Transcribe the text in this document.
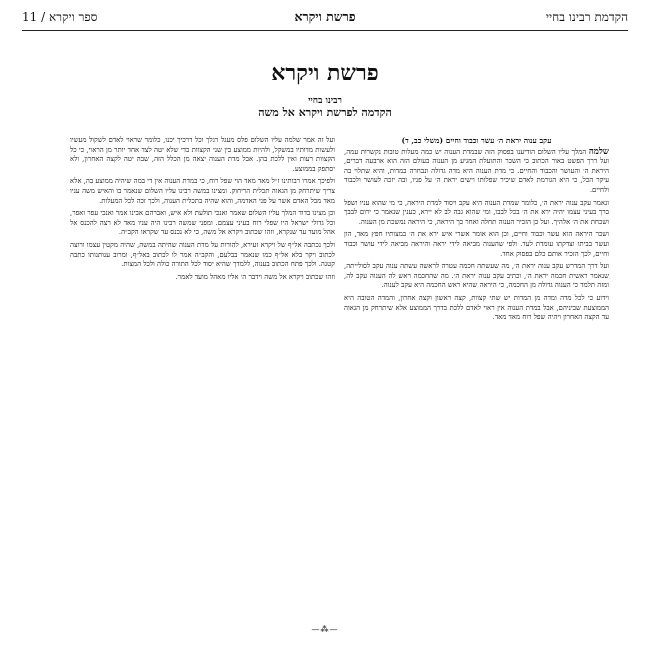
הקדמת רבינו בחיי
פרשת ויקרא
ספר ויקרא / 11
פרשת ויקרא
רבינו בחיי
הקדמה לפרשת ויקרא אל משה
עקב ענוה יראת ה׳ עשר וכבוד וחיים (משלי כב, ד)

שלמה המלך עליו השלום הודיענו בפסוק הזה שבמדת הענוה יש כמה מעלות טובות נקשרות עמה, ועל דרך הפשט באור הכתוב כי השכר והתועלת המגיע מן הענוה בעולם הזה הוא ארבעה דברים, היראת ה׳ והעושר והכבוד והחיים. כי מדת הענוה היא מדה גדולה ונבחרה במדות, והיא שתלוי בה עיקר הכל, כי היא הגורמת לאדם שיכיר שפלותו וישים יראת ה׳ על פניו, ובה יזכה לעושר ולכבוד ולחיים.

ונאמר עקב ענוה יראת ה׳, כלומר שמדת הענוה היא עקב ויסוד למדת היראה, כי מי שהוא עניו ושפל ברך בעיני עצמו יהיה ירא את ה׳ בכל לבבו, ומי שהוא גבה לב לא יירא, כענין שנאמר כי ירום לבבך ושכחת את ה׳ אלהיך. ועל כן הזכיר הענוה תחלה ואחר כך היראה, כי היראה נמשכת מן הענוה.

ושכר היראה הוא עשר וכבוד וחיים, וכן הוא אומר אשרי איש ירא את ה׳ במצותיו חפץ מאד, הון ועשר בביתו וצדקתו עומדת לעד. ולפי שהענוה מביאה לידי יראה והיראה מביאה לידי עושר וכבוד וחיים, לכך הזכיר אותם כלם בפסוק אחד.

ועל דרך המדרש עקב ענוה יראת ה׳, מה שעשתה חכמה עטרה לראשה עשתה ענוה עקב לסולייתה, שנאמר ראשית חכמה יראת ה׳, וכתיב עקב ענוה יראת ה׳. מה שהחכמה ראש לה הענוה עקב לה, ומזה תלמד כי הענוה גדולה מן החכמה, כי היראה שהיא ראש החכמה היא עקב לענוה.

וידוע כי לכל מדה ומדה מן המדות יש שתי קצוות, קצה ראשון וקצה אחרון, והמדה הטובה היא הממוצעת שביניהם, אבל במדת הענוה אין ראוי לאדם ללכת בדרך הממוצע אלא שיתרחק מן הגאוה עד הקצה האחרון ויהיה שפל רוח מאד מאד.

ועל זה אמר שלמה עליו השלום פלס מעגל רגלך וכל דרכיך יכנו, כלומר שראוי לאדם לשקול מעשיו ולעשות מדותיו במשקל, ולהיות ממוצע בין שני הקצוות כדי שלא יטה לצד אחד יותר מן הראוי, כי כל הקצוות רעות ואין ללכת בהן. אבל מדת הענוה יצאה מן הכלל הזה, שבה יטה לקצה האחרון, ולא יסתפק בממוצע.

ולפיכך אמרו רבותינו ז״ל מאד מאד הוי שפל רוח, כי במדת הענוה אין די במה שיהיה ממוצע בה, אלא צריך שיתרחק מן הגאוה תכלית הריחוק. ומצינו במשה רבינו עליו השלום שנאמר בו והאיש משה עניו מאד מכל האדם אשר על פני האדמה, והוא שהיה בתכלית הענוה, ולכך זכה לכל המעלות.

וכן מצינו בדוד המלך עליו השלום שאמר ואנכי תולעת ולא איש, ואברהם אבינו אמר ואנכי עפר ואפר, וכל גדולי ישראל היו שפלי רוח בעיני עצמם. ומפני שמשה רבינו היה עניו מאד לא רצה להכנס אל אהל מועד עד שנקרא, וזהו שכתוב ויקרא אל משה, כי לא נכנס עד שקראו הקב״ה.

ולכך נכתבה אל״ף של ויקרא זעירא, להורות על מדת הענוה שהיתה במשה, שהיה מקטין עצמו ורוצה לכתוב ויקר בלא אל״ף כמו שנאמר בבלעם, והקב״ה אמר לו לכתוב באל״ף, ומרוב ענותנותו כתבה קטנה. ולכך פתח הכתוב בענוה, ללמדך שהיא יסוד לכל התורה כולה ולכל המצות.

וזהו שכתוב ויקרא אל משה וידבר ה׳ אליו מאהל מועד לאמר.

—⁂—
